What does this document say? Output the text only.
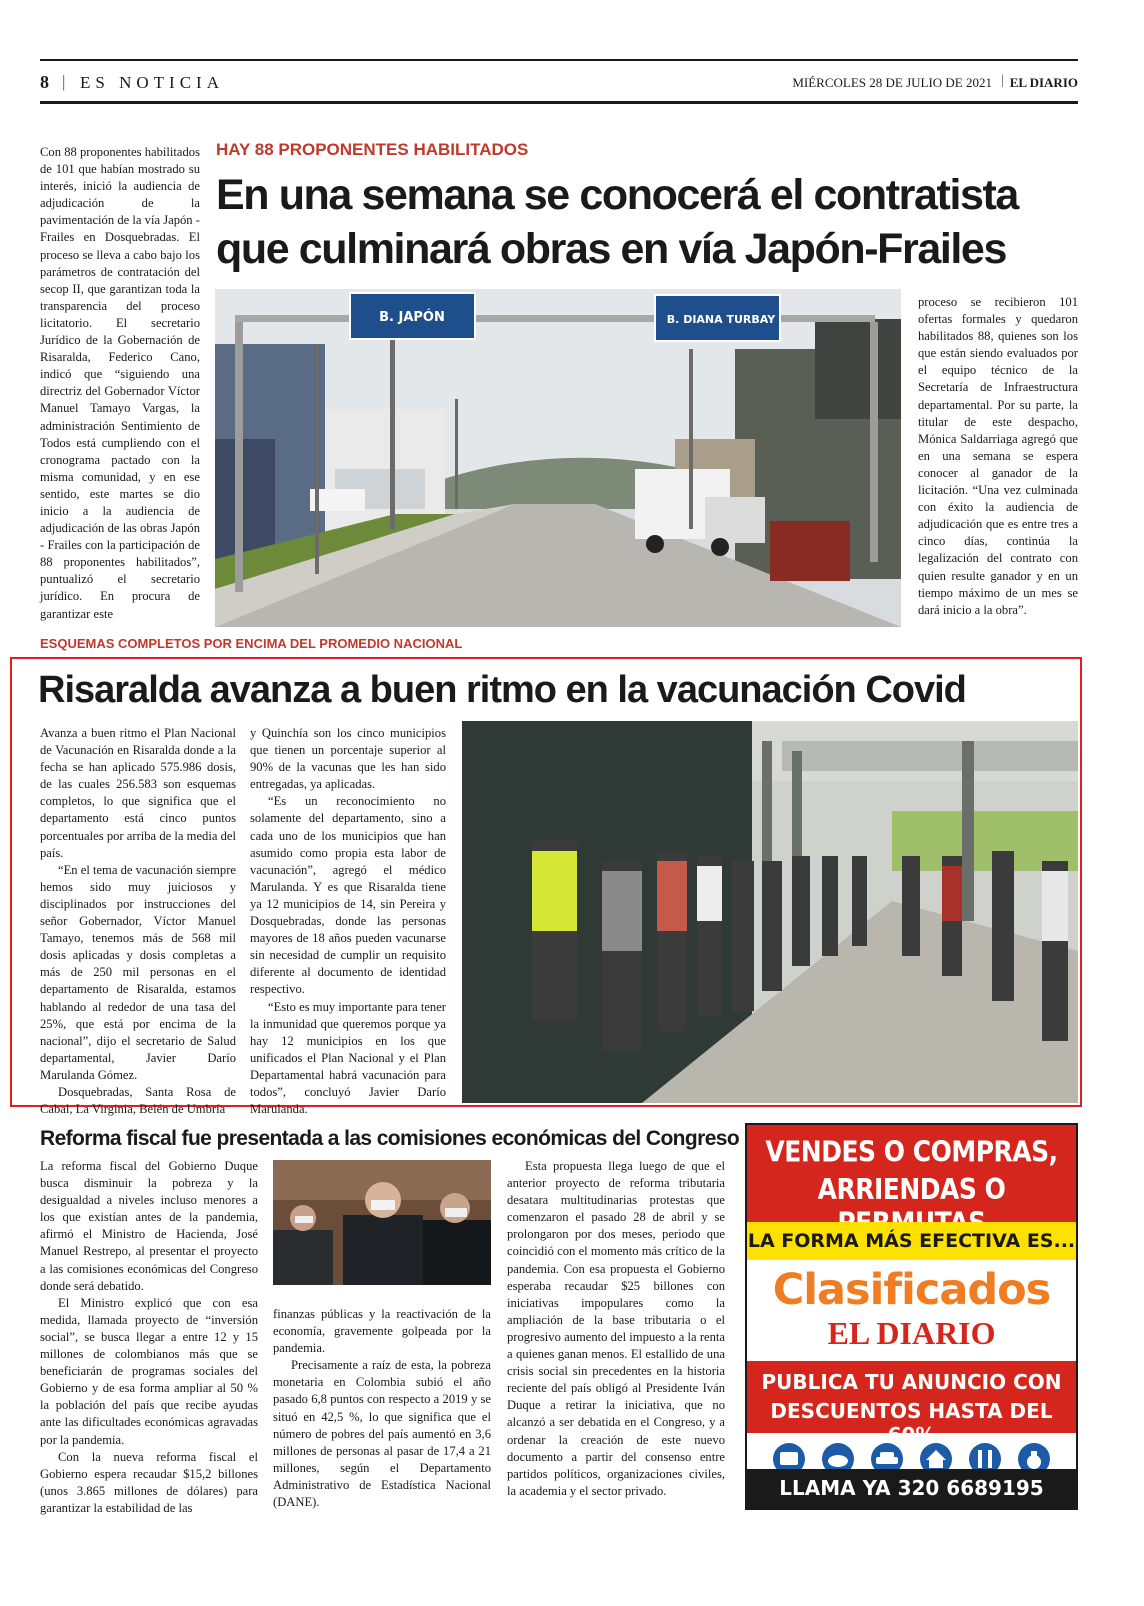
8 | ES NOTICIA	MIÉRCOLES 28 DE JULIO DE 2021 | EL DIARIO
HAY 88 PROPONENTES HABILITADOS
En una semana se conocerá el contratista que culminará obras en vía Japón-Frailes

Con 88 proponentes habilitados de 101 que habían mostrado su interés, inició la audiencia de adjudicación de la pavimentación de la vía Japón - Frailes en Dosquebradas. El proceso se lleva a cabo bajo los parámetros de contratación del secop II, que garantizan toda la transparencia del proceso licitatorio. El secretario Jurídico de la Gobernación de Risaralda, Federico Cano, indicó que “siguiendo una directriz del Gobernador Víctor Manuel Tamayo Vargas, la administración Sentimiento de Todos está cumpliendo con el cronograma pactado con la misma comunidad, y en ese sentido, este martes se dio inicio a la audiencia de adjudicación de las obras Japón - Frailes con la participación de 88 proponentes habilitados”, puntualizó el secretario jurídico. En procura de garantizar este

B. JAPÓN	B. DIANA TURBAY

proceso se recibieron 101 ofertas formales y quedaron habilitados 88, quienes son los que están siendo evaluados por el equipo técnico de la Secretaría de Infraestructura departamental. Por su parte, la titular de este despacho, Mónica Saldarriaga agregó que en una semana se espera conocer al ganador de la licitación. “Una vez culminada con éxito la audiencia de adjudicación que es entre tres a cinco días, continúa la legalización del contrato con quien resulte ganador y en un tiempo máximo de un mes se dará inicio a la obra”.

ESQUEMAS COMPLETOS POR ENCIMA DEL PROMEDIO NACIONAL
Risaralda avanza a buen ritmo en la vacunación Covid

Avanza a buen ritmo el Plan Nacional de Vacunación en Risaralda donde a la fecha se han aplicado 575.986 dosis, de las cuales 256.583 son esquemas completos, lo que significa que el departamento está cinco puntos porcentuales por arriba de la media del país.

“En el tema de vacunación siempre hemos sido muy juiciosos y disciplinados por instrucciones del señor Gobernador, Víctor Manuel Tamayo, tenemos más de 568 mil dosis aplicadas y dosis completas a más de 250 mil personas en el departamento de Risaralda, estamos hablando al rededor de una tasa del 25%, que está por encima de la nacional”, dijo el secretario de Salud departamental, Javier Darío Marulanda Gómez.

Dosquebradas, Santa Rosa de Cabal, La Virginia, Belén de Umbría

y Quinchía son los cinco municipios que tienen un porcentaje superior al 90% de la vacunas que les han sido entregadas, ya aplicadas.

“Es un reconocimiento no solamente del departamento, sino a cada uno de los municipios que han asumido como propia esta labor de vacunación”, agregó el médico Marulanda. Y es que Risaralda tiene ya 12 municipios de 14, sin Pereira y Dosquebradas, donde las personas mayores de 18 años pueden vacunarse sin necesidad de cumplir un requisito diferente al documento de identidad respectivo.

“Esto es muy importante para tener la inmunidad que queremos porque ya hay 12 municipios en los que unificados el Plan Nacional y el Plan Departamental habrá vacunación para todos”, concluyó Javier Darío Marulanda.

Reforma fiscal fue presentada a las comisiones económicas del Congreso

La reforma fiscal del Gobierno Duque busca disminuir la pobreza y la desigualdad a niveles incluso menores a los que existían antes de la pandemia, afirmó el Ministro de Hacienda, José Manuel Restrepo, al presentar el proyecto a las comisiones económicas del Congreso donde será debatido.

El Ministro explicó que con esa medida, llamada proyecto de “inversión social”, se busca llegar a entre 12 y 15 millones de colombianos más que se beneficiarán de programas sociales del Gobierno y de esa forma ampliar al 50 % la población del país que recibe ayudas ante las dificultades económicas agravadas por la pandemia.

Con la nueva reforma fiscal el Gobierno espera recaudar $15,2 billones (unos 3.865 millones de dólares) para garantizar la estabilidad de las

finanzas públicas y la reactivación de la economía, gravemente golpeada por la pandemia.

Precisamente a raíz de esta, la pobreza monetaria en Colombia subió el año pasado 6,8 puntos con respecto a 2019 y se situó en 42,5 %, lo que significa que el número de pobres del país aumentó en 3,6 millones de personas al pasar de 17,4 a 21 millones, según el Departamento Administrativo de Estadística Nacional (DANE).

Esta propuesta llega luego de que el anterior proyecto de reforma tributaria desatara multitudinarias protestas que comenzaron el pasado 28 de abril y se prolongaron por dos meses, periodo que coincidió con el momento más crítico de la pandemia. Con esa propuesta el Gobierno esperaba recaudar $25 billones con iniciativas impopulares como la ampliación de la base tributaria o el progresivo aumento del impuesto a la renta a quienes ganan menos. El estallido de una crisis social sin precedentes en la historia reciente del país obligó al Presidente Iván Duque a retirar la iniciativa, que no alcanzó a ser debatida en el Congreso, y a ordenar la creación de este nuevo documento a partir del consenso entre partidos políticos, organizaciones civiles, la academia y el sector privado.

VENDES O COMPRAS,
ARRIENDAS O
LA FORMA MÁS EFECTIVA ES...
Clasificados
EL DIARIO
PUBLICA TU ANUNCIO CON
DESCUENTOS HASTA DEL 60%
LLAMA YA 320 6689195
